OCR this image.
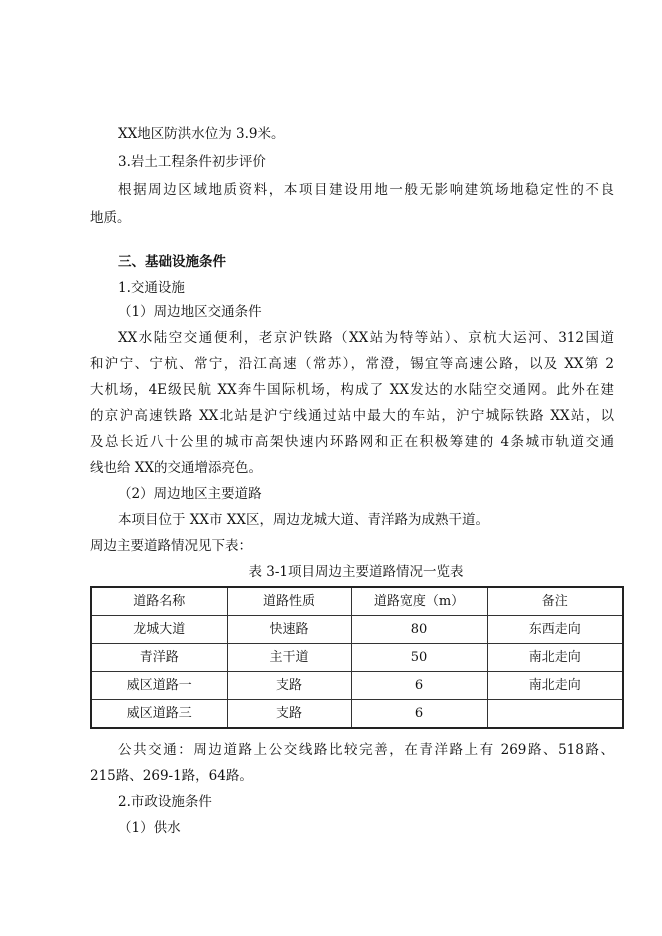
XX地区防洪水位为 3.9米。
3.岩土工程条件初步评价
根据周边区域地质资料，本项目建设用地一般无影响建筑场地稳定性的不良
地质。
三、基础设施条件
1.交通设施
（1）周边地区交通条件
XX水陆空交通便利，老京沪铁路（XX站为特等站）、京杭大运河、312国道
和沪宁、宁杭、常宁，沿江高速（常苏），常澄，锡宜等高速公路，以及 XX第 2
大机场，4E级民航 XX奔牛国际机场，构成了 XX发达的水陆空交通网。此外在建
的京沪高速铁路 XX北站是沪宁线通过站中最大的车站，沪宁城际铁路 XX站，以
及总长近八十公里的城市高架快速内环路网和正在积极筹建的 4条城市轨道交通
线也给 XX的交通增添亮色。
（2）周边地区主要道路
本项目位于 XX市 XX区，周边龙城大道、青洋路为成熟干道。
周边主要道路情况见下表：
表 3-1项目周边主要道路情况一览表
道路名称	道路性质	道路宽度（m）	备注
龙城大道	快速路	80	东西走向
青洋路	主干道	50	南北走向
威区道路一	支路	6	南北走向
威区道路三	支路	6	
公共交通：周边道路上公交线路比较完善，在青洋路上有 269路、518路、
215路、269-1路，64路。
2.市政设施条件
（1）供水
